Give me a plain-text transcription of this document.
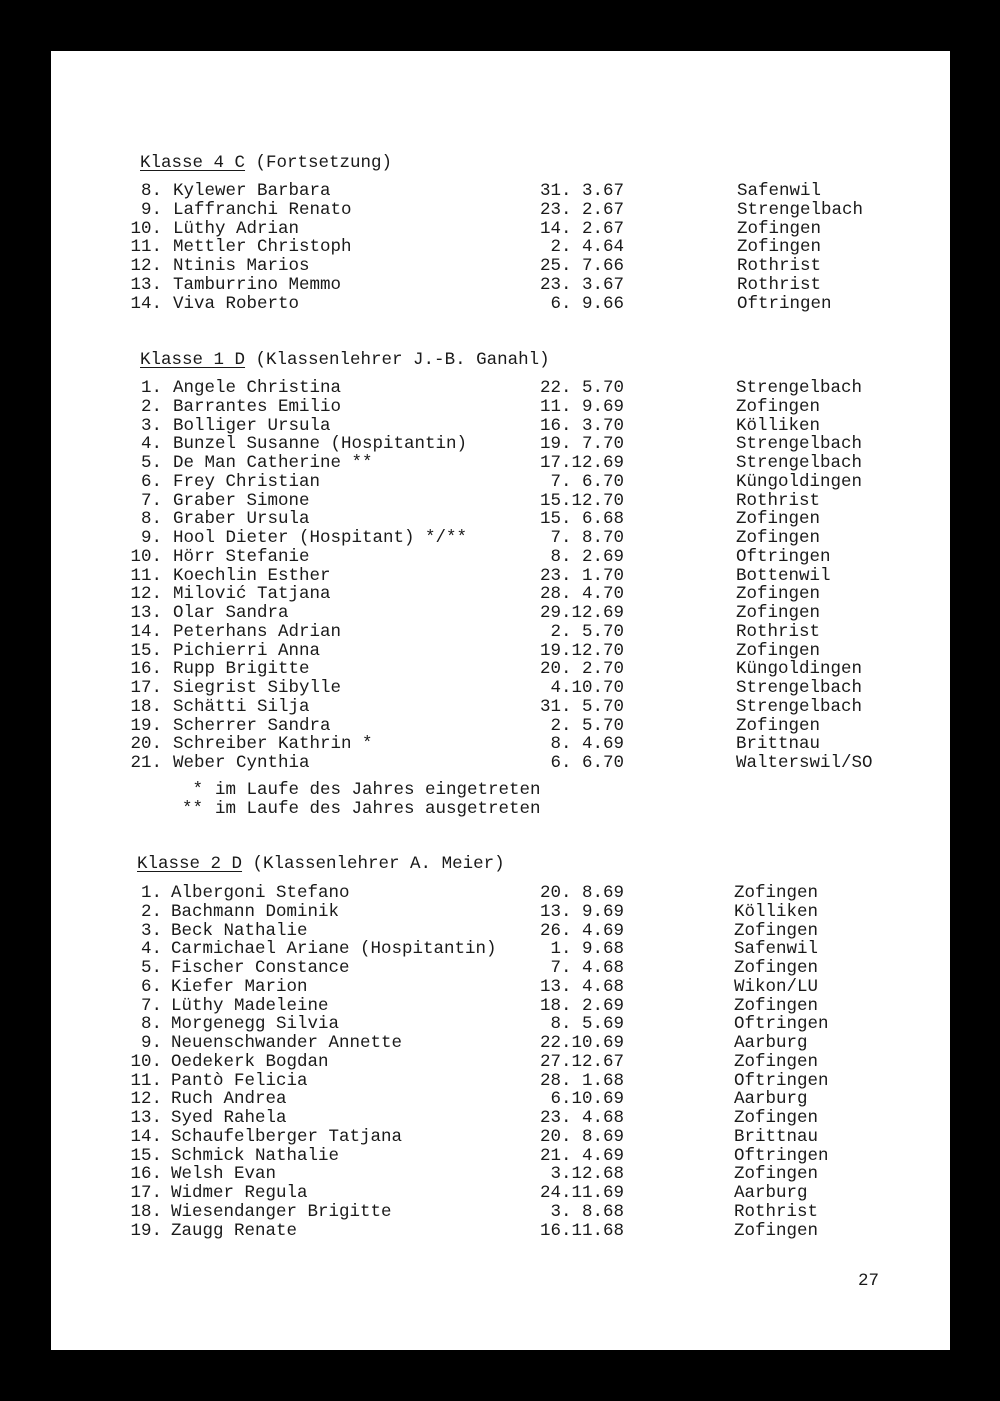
Klasse 4 C (Fortsetzung)
8. Kylewer Barbara	31. 3.67	Safenwil
9. Laffranchi Renato	23. 2.67	Strengelbach
10. Lüthy Adrian	14. 2.67	Zofingen
11. Mettler Christoph	2. 4.64	Zofingen
12. Ntinis Marios	25. 7.66	Rothrist
13. Tamburrino Memmo	23. 3.67	Rothrist
14. Viva Roberto	6. 9.66	Oftringen
Klasse 1 D (Klassenlehrer J.-B. Ganahl)
1. Angele Christina	22. 5.70	Strengelbach
2. Barrantes Emilio	11. 9.69	Zofingen
3. Bolliger Ursula	16. 3.70	Kölliken
4. Bunzel Susanne (Hospitantin)	19. 7.70	Strengelbach
5. De Man Catherine **	17.12.69	Strengelbach
6. Frey Christian	7. 6.70	Küngoldingen
7. Graber Simone	15.12.70	Rothrist
8. Graber Ursula	15. 6.68	Zofingen
9. Hool Dieter (Hospitant) */**	7. 8.70	Zofingen
10. Hörr Stefanie	8. 2.69	Oftringen
11. Koechlin Esther	23. 1.70	Bottenwil
12. Milović Tatjana	28. 4.70	Zofingen
13. Olar Sandra	29.12.69	Zofingen
14. Peterhans Adrian	2. 5.70	Rothrist
15. Pichierri Anna	19.12.70	Zofingen
16. Rupp Brigitte	20. 2.70	Küngoldingen
17. Siegrist Sibylle	4.10.70	Strengelbach
18. Schätti Silja	31. 5.70	Strengelbach
19. Scherrer Sandra	2. 5.70	Zofingen
20. Schreiber Kathrin *	8. 4.69	Brittnau
21. Weber Cynthia	6. 6.70	Walterswil/SO
* im Laufe des Jahres eingetreten
** im Laufe des Jahres ausgetreten
Klasse 2 D (Klassenlehrer A. Meier)
1. Albergoni Stefano	20. 8.69	Zofingen
2. Bachmann Dominik	13. 9.69	Kölliken
3. Beck Nathalie	26. 4.69	Zofingen
4. Carmichael Ariane (Hospitantin)	1. 9.68	Safenwil
5. Fischer Constance	7. 4.68	Zofingen
6. Kiefer Marion	13. 4.68	Wikon/LU
7. Lüthy Madeleine	18. 2.69	Zofingen
8. Morgenegg Silvia	8. 5.69	Oftringen
9. Neuenschwander Annette	22.10.69	Aarburg
10. Oedekerk Bogdan	27.12.67	Zofingen
11. Pantò Felicia	28. 1.68	Oftringen
12. Ruch Andrea	6.10.69	Aarburg
13. Syed Rahela	23. 4.68	Zofingen
14. Schaufelberger Tatjana	20. 8.69	Brittnau
15. Schmick Nathalie	21. 4.69	Oftringen
16. Welsh Evan	3.12.68	Zofingen
17. Widmer Regula	24.11.69	Aarburg
18. Wiesendanger Brigitte	3. 8.68	Rothrist
19. Zaugg Renate	16.11.68	Zofingen
27
